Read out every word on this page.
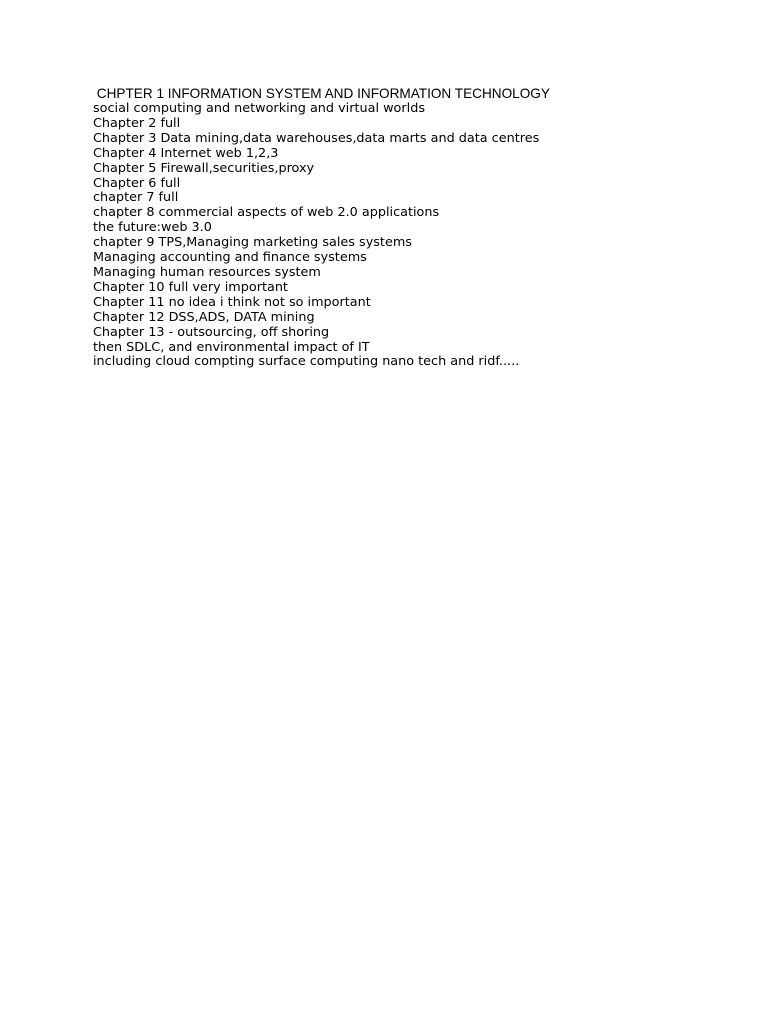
CHPTER 1 INFORMATION SYSTEM AND INFORMATION TECHNOLOGY

social computing and networking and virtual worlds

Chapter 2 full

Chapter 3 Data mining,data warehouses,data marts and data centres

Chapter 4 Internet web 1,2,3

Chapter 5 Firewall,securities,proxy

Chapter 6 full

chapter 7 full

chapter 8 commercial aspects of web 2.0 applications

the future:web 3.0

chapter 9 TPS,Managing marketing sales systems

Managing accounting and finance systems

Managing human resources system

Chapter 10 full very important

Chapter 11 no idea i think not so important

Chapter 12 DSS,ADS, DATA mining

Chapter 13 - outsourcing, off shoring

then SDLC, and environmental impact of IT

including cloud compting surface computing nano tech and ridf.....
